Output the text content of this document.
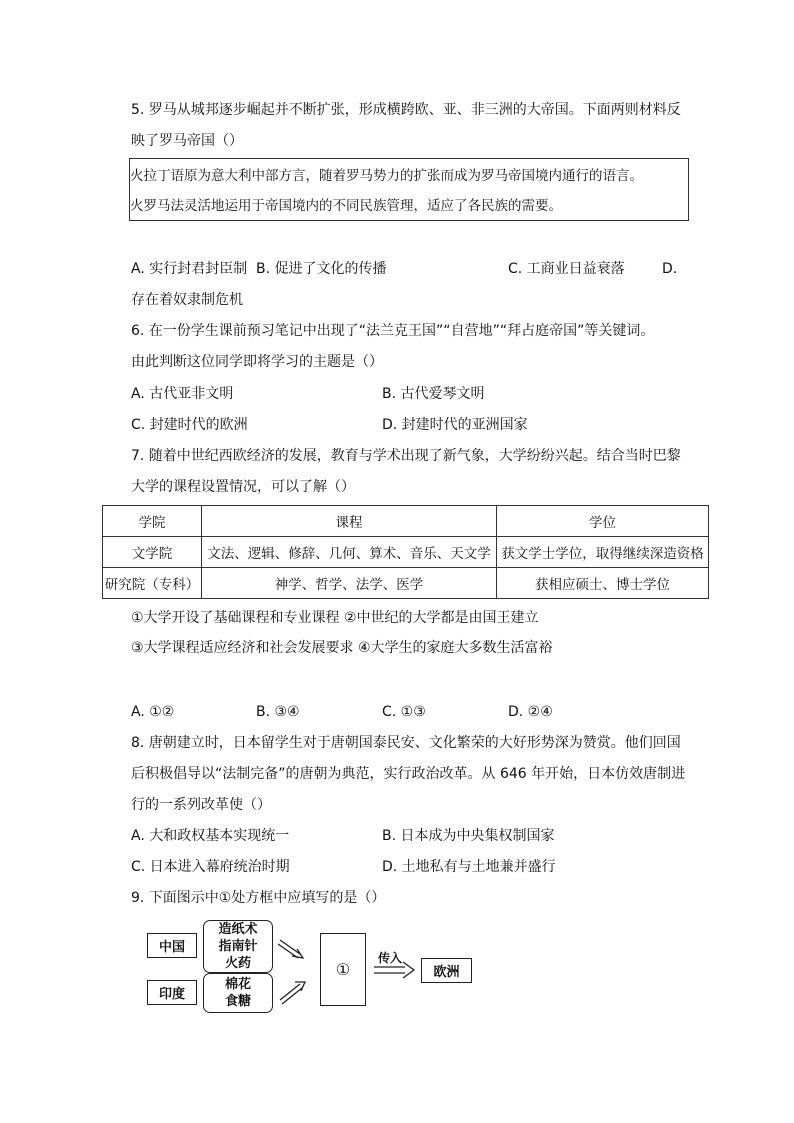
5. 罗马从城邦逐步崛起并不断扩张，形成横跨欧、亚、非三洲的大帝国。下面两则材料反
映了罗马帝国（）
火拉丁语原为意大利中部方言，随着罗马势力的扩张而成为罗马帝国境内通行的语言。
火罗马法灵活地运用于帝国境内的不同民族管理，适应了各民族的需要。
A. 实行封君封臣制 B. 促进了文化的传播	C. 工商业日益衰落	D.
存在着奴隶制危机
6. 在一份学生课前预习笔记中出现了“法兰克王国”“自营地”“拜占庭帝国”等关键词。
由此判断这位同学即将学习的主题是（）
A. 古代亚非文明	B. 古代爱琴文明
C. 封建时代的欧洲	D. 封建时代的亚洲国家
7. 随着中世纪西欧经济的发展，教育与学术出现了新气象，大学纷纷兴起。结合当时巴黎
大学的课程设置情况，可以了解（）
学院	课程	学位
文学院	文法、逻辑、修辞、几何、算术、音乐、天文学	获文学士学位，取得继续深造资格
研究院（专科）	神学、哲学、法学、医学	获相应硕士、博士学位
①大学开设了基础课程和专业课程 ②中世纪的大学都是由国王建立
③大学课程适应经济和社会发展要求 ④大学生的家庭大多数生活富裕
A. ①②	B. ③④	C. ①③	D. ②④
8. 唐朝建立时，日本留学生对于唐朝国泰民安、文化繁荣的大好形势深为赞赏。他们回国
后积极倡导以“法制完备”的唐朝为典范，实行政治改革。从 646 年开始，日本仿效唐制进
行的一系列改革使（）
A. 大和政权基本实现统一	B. 日本成为中央集权制国家
C. 日本进入幕府统治时期	D. 土地私有与土地兼并盛行
9. 下面图示中①处方框中应填写的是（）
中国
造纸术
指南针
火药
印度
棉花
食糖
传入
①	欧洲
